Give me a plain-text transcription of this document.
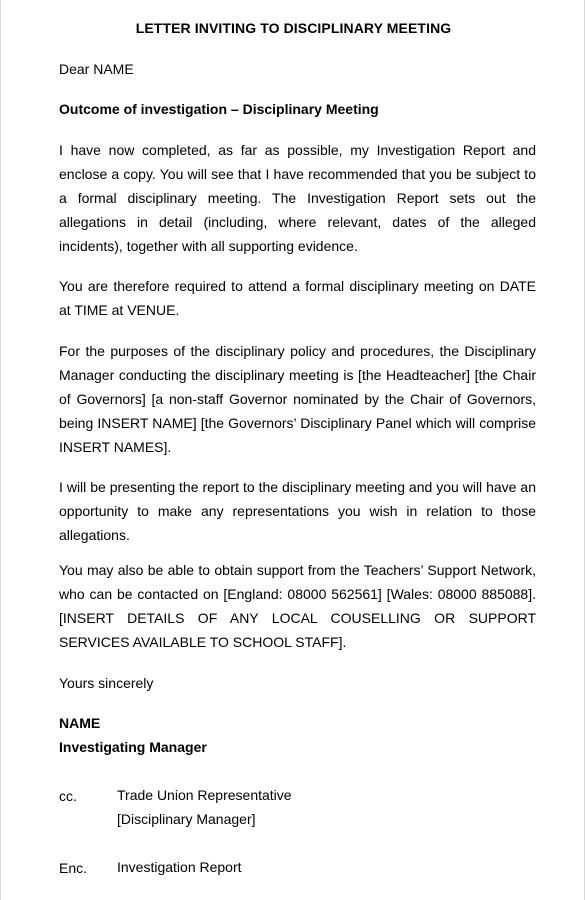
LETTER INVITING TO DISCIPLINARY MEETING
Dear NAME
Outcome of investigation – Disciplinary Meeting
I have now completed, as far as possible, my Investigation Report and enclose a copy. You will see that I have recommended that you be subject to a formal disciplinary meeting. The Investigation Report sets out the allegations in detail (including, where relevant, dates of the alleged incidents), together with all supporting evidence.
You are therefore required to attend a formal disciplinary meeting on DATE at TIME at VENUE.
For the purposes of the disciplinary policy and procedures, the Disciplinary Manager conducting the disciplinary meeting is [the Headteacher] [the Chair of Governors] [a non-staff Governor nominated by the Chair of Governors, being INSERT NAME] [the Governors’ Disciplinary Panel which will comprise INSERT NAMES].
I will be presenting the report to the disciplinary meeting and you will have an opportunity to make any representations you wish in relation to those allegations.
You may also be able to obtain support from the Teachers’ Support Network, who can be contacted on [England: 08000 562561] [Wales: 08000 885088]. [INSERT DETAILS OF ANY LOCAL COUSELLING OR SUPPORT SERVICES AVAILABLE TO SCHOOL STAFF].
Yours sincerely
NAME
Investigating Manager
cc.	Trade Union Representative
[Disciplinary Manager]
Enc. Investigation Report
